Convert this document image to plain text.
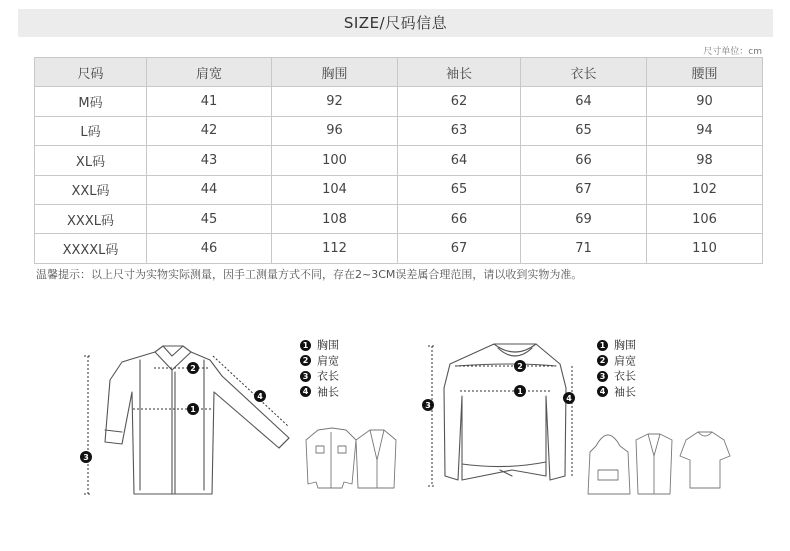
SIZE/尺码信息
尺寸单位：cm
尺码	肩宽	胸围	袖长	衣长	腰围
M码	41	92	62	64	90
L码	42	96	63	65	94
XL码	43	100	64	66	98
XXL码	44	104	65	67	102
XXXL码	45	108	66	69	106
XXXXL码	46	112	67	71	110
温馨提示：以上尺寸为实物实际测量，因手工测量方式不同，存在2~3CM误差属合理范围，请以收到实物为准。
1
2
3
4
1
2
3
4
1 胸围
2 肩宽
3 衣长
4 袖长
1 胸围
2 肩宽
3 衣长
4 袖长
